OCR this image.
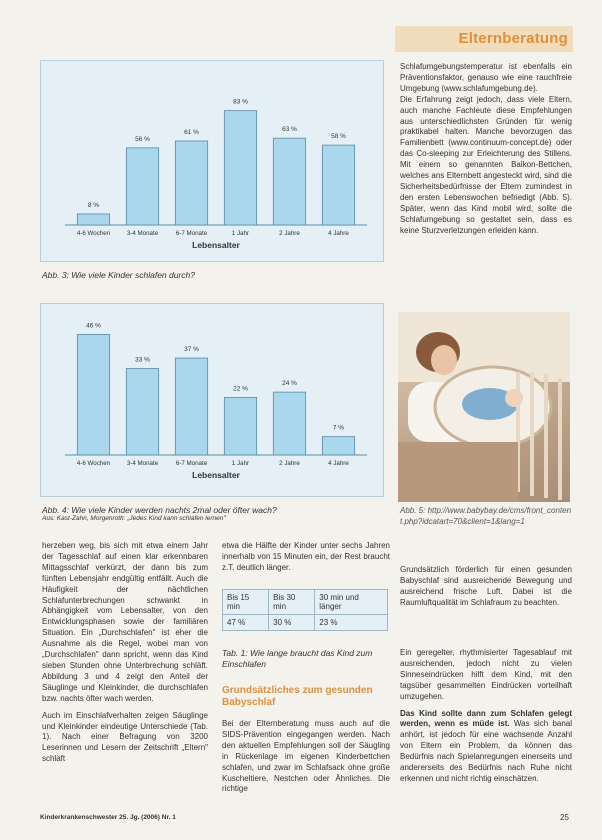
Elternberatung
8 %
4-6 Wochen
56 %
3-4 Monate
61 %
6-7 Monate
83 %
1 Jahr
63 %
2 Jahre
58 %
4 Jahre
Lebensalter
Abb. 3: Wie viele Kinder schlafen durch?
46 %
4-6 Wochen
33 %
3-4 Monate
37 %
6-7 Monate
22 %
1 Jahr
24 %
2 Jahre
7 %
4 Jahre
Lebensalter
Abb. 4: Wie viele Kinder werden nachts 2mal oder öfter wach?
Aus: Kast-Zahn, Morgenroth: „Jedes Kind kann schlafen lernen"

Schlafumgebungstemperatur ist ebenfalls ein Präventionsfaktor, genauso wie eine rauchfreie Umgebung (www.schlafumgebung.de).

Die Erfahrung zeigt jedoch, dass viele Eltern, auch manche Fachleute diese Empfehlungen aus unterschiedlichsten Gründen für wenig praktikabel halten. Manche bevorzugen das Familienbett (www.continuum-concept.de) oder das Co-sleeping zur Erleichterung des Stillens. Mit einem so genannten Balkon-Bettchen, welches ans Elternbett angesteckt wird, sind die Sicherheitsbedürfnisse der Eltern zumindest in den ersten Lebenswochen befriedigt (Abb. 5). Später, wenn das Kind mobil wird, sollte die Schlafumgebung so gestaltet sein, dass es keine Sturzverletzungen erleiden kann.

Abb. 5: http://www.babybay.de/cms/front_content.php?idcatart=70&client=1&lang=1

Grundsätzlich förderlich für einen gesunden Babyschlaf sind ausreichende Bewegung und ausreichend frische Luft. Dabei ist die Raumluftqualität im Schlafraum zu beachten.

Ein geregelter, rhythmisierter Tagesablauf mit ausreichenden, jedoch nicht zu vielen Sinneseindrücken hilft dem Kind, mit den tagsüber gesammelten Eindrücken vorteilhaft umzugehen.

Das Kind sollte dann zum Schlafen gelegt werden, wenn es müde ist. Was sich banal anhört, ist jedoch für eine wachsende Anzahl von Eltern ein Problem, da können das Bedürfnis nach Spielanregungen einerseits und andererseits des Bedürfnis nach Ruhe nicht erkennen und nicht richtig einschätzen.

herzeben weg, bis sich mit etwa einem Jahr der Tagesschlaf auf einen klar erkennbaren Mittagsschlaf verkürzt, der dann bis zum fünften Lebensjahr endgültig entfällt. Auch die Häufigkeit der nächtlichen Schlafunterbrechungen schwankt in Abhängigkeit vom Lebensalter, von den Entwicklungsphasen sowie der familiären Situation. Ein „Durchschlafen" ist eher die Ausnahme als die Regel, wobei man von „Durchschlafen" dann spricht, wenn das Kind sieben Stunden ohne Unterbrechung schläft. Abbildung 3 und 4 zeigt den Anteil der Säuglinge und Kleinkinder, die durchschlafen bzw. nachts öfter wach werden.

Auch im Einschlafverhalten zeigen Säuglinge und Kleinkinder eindeutige Unterschiede (Tab. 1). Nach einer Befragung von 3200 Leserinnen und Lesern der Zeitschrift „Eltern" schläft

etwa die Hälfte der Kinder unter sechs Jahren innerhalb von 15 Minuten ein, der Rest braucht z.T. deutlich länger.

Bis 15 min	Bis 30 min	30 min und länger
47 %	30 %	23 %
Tab. 1: Wie lange braucht das Kind zum Einschlafen
Grundsätzliches zum gesunden Babyschlaf

Bei der Elternberatung muss auch auf die SIDS-Prävention eingegangen werden. Nach den aktuellen Empfehlungen soll der Säugling in Rückenlage im eigenen Kinderbettchen schlafen, und zwar im Schlafsack ohne große Kuscheltiere, Nestchen oder Ähnliches. Die richtige

Kinderkrankenschwester 25. Jg. (2006) Nr. 1	25
